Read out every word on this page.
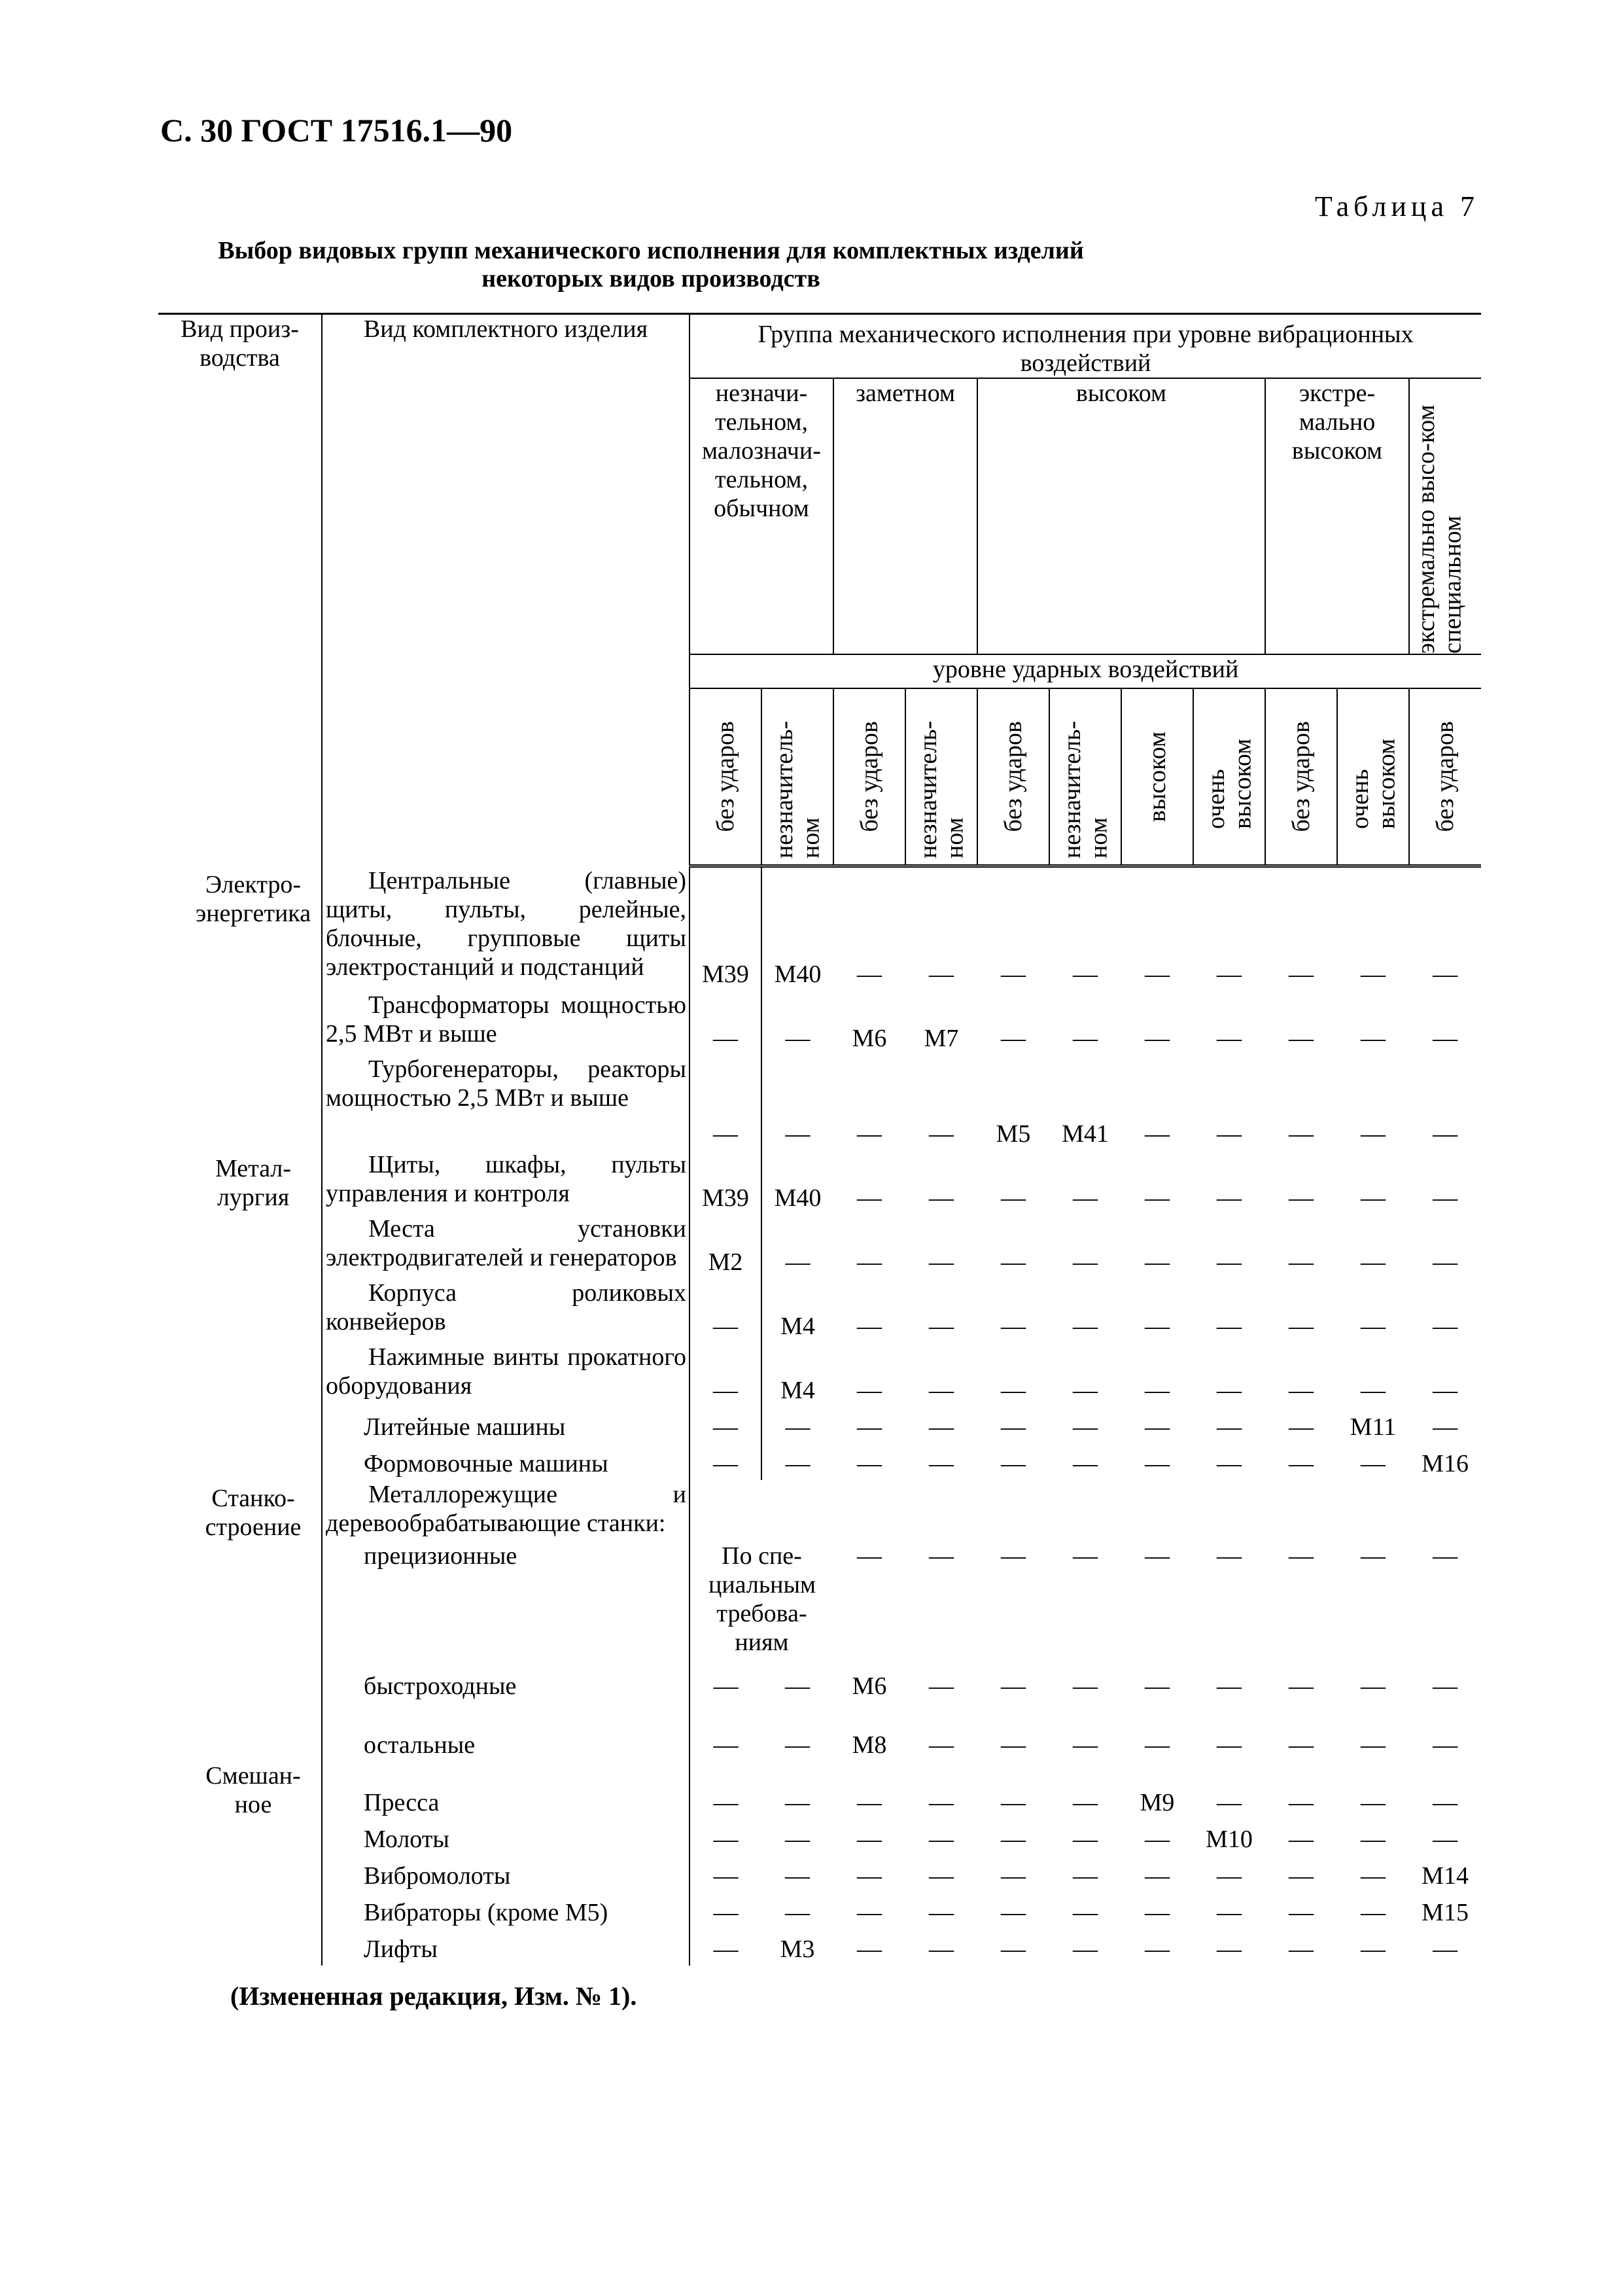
С. 30 ГОСТ 17516.1—90
Таблица 7
Выбор видовых групп механического исполнения для комплектных изделий
некоторых видов производств
Вид произ-водства	Вид комплектного изделия	Группа механического исполнения при уровне вибрационных воздействий										

		незначи-тельном, малозначи-тельном, обычном		заметном		высоком				экстре-мально высоком		экстремально высо-ком специальном

		уровне ударных воздействий										

		без ударов	незначитель-ном	без ударов	незначитель-ном	без ударов	незначитель-ном	высоком	очень высоком	без ударов	очень высоком	без ударов

Электро-энергетика	Центральные (главные) щиты, пульты, релейные, блочные, групповые щиты электростанций и подстанций	M39	M40	—	—	—	—	—	—	—	—	—
	Трансформаторы мощностью 2,5 МВт и выше	—	—	M6	M7	—	—	—	—	—	—	—
	Турбогенераторы, реакторы мощностью 2,5 МВт и выше	—	—	—	—	M5	M41	—	—	—	—	—

Метал-лургия	Щиты, шкафы, пульты управления и контроля	M39	M40	—	—	—	—	—	—	—	—	—
	Места установки электродвигателей и генераторов	M2	—	—	—	—	—	—	—	—	—	—
	Корпуса роликовых конвейеров	—	M4	—	—	—	—	—	—	—	—	—
	Нажимные винты прокатного оборудования	—	M4	—	—	—	—	—	—	—	—	—
	Литейные машины	—	—	—	—	—	—	—	—	—	M11	—
	Формовочные машины	—	—	—	—	—	—	—	—	—	—	M16

Станко-строение	Металлорежущие и деревообрабатывающие станки:											
	прецизионные	По спе-циальным требова-ниям		—	—	—	—	—	—	—	—	—
	быстроходные	—	—	M6	—	—	—	—	—	—	—	—
	остальные	—	—	M8	—	—	—	—	—	—	—	—

Смешан-ное	Пресса	—	—	—	—	—	—	M9	—	—	—	—
	Молоты	—	—	—	—	—	—	—	M10	—	—	—
	Вибромолоты	—	—	—	—	—	—	—	—	—	—	M14
	Вибраторы (кроме M5)	—	—	—	—	—	—	—	—	—	—	M15
	Лифты	—	M3	—	—	—	—	—	—	—	—	—
(Измененная редакция, Изм. № 1).
